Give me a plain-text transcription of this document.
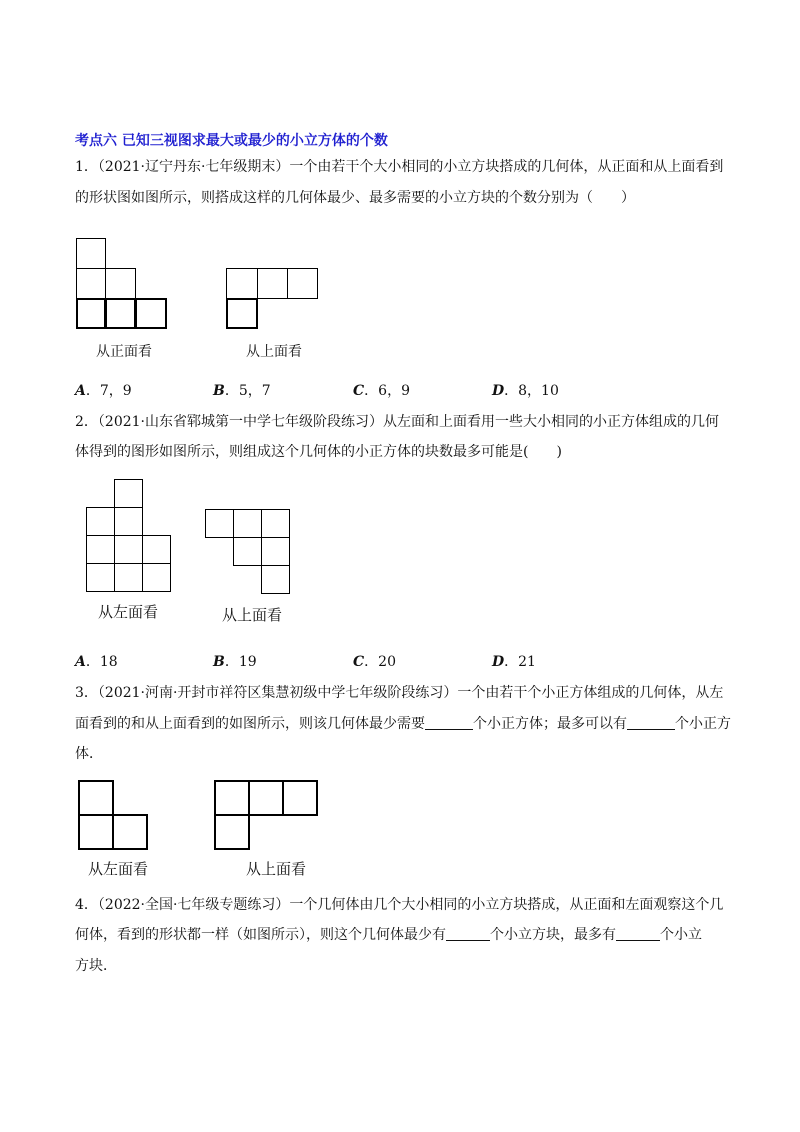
考点六 已知三视图求最大或最少的小立方体的个数
1．（2021·辽宁丹东·七年级期末）一个由若干个大小相同的小立方块搭成的几何体，从正面和从上面看到
的形状图如图所示，则搭成这样的几何体最少、最多需要的小立方块的个数分别为（　　）
从正面看	从上面看
A．7，9	B．5，7	C．6，9	D．8，10
2．（2021·山东省郓城第一中学七年级阶段练习）从左面和上面看用一些大小相同的小正方体组成的几何
体得到的图形如图所示，则组成这个几何体的小正方体的块数最多可能是(　　)
从左面看	从上面看
A．18	B．19	C．20	D．21
3．（2021·河南·开封市祥符区集慧初级中学七年级阶段练习）一个由若干个小正方体组成的几何体，从左
面看到的和从上面看到的如图所示，则该几何体最少需要	个小正方体；最多可以有	个小正方
体．
从左面看	从上面看
4．（2022·全国·七年级专题练习）一个几何体由几个大小相同的小立方块搭成，从正面和左面观察这个几
何体，看到的形状都一样（如图所示），则这个几何体最少有	个小立方块，最多有	个小立
方块．
